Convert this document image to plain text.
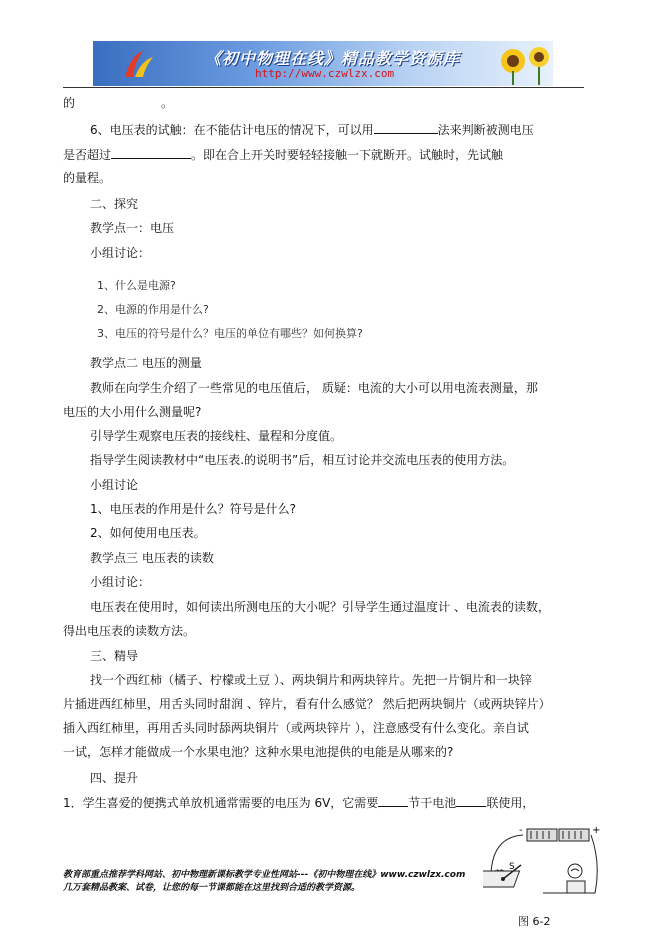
《初中物理在线》精品教学资源库
http://www.czwlzx.com
的	。
6、电压表的试触：在不能估计电压的情况下，可以用	法来判断被测电压
是否超过	。即在合上开关时要轻轻接触一下就断开。试触时，先试触
的量程。
二、探究
教学点一：电压
小组讨论：
1、什么是电源?
2、电源的作用是什么?
3、电压的符号是什么？电压的单位有哪些？如何换算?
教学点二 电压的测量
教师在向学生介绍了一些常见的电压值后， 质疑：电流的大小可以用电流表测量，那
电压的大小用什么测量呢?
引导学生观察电压表的接线柱、量程和分度值。
指导学生阅读教材中“电压表.的说明书”后，相互讨论并交流电压表的使用方法。
小组讨论
1、电压表的作用是什么？符号是什么?
2、如何使用电压表。
教学点三 电压表的读数
小组讨论：
电压表在使用时，如何读出所测电压的大小呢？引导学生通过温度计 、电流表的读数，
得出电压表的读数方法。
三、精导
找一个西红柿（橘子、柠檬或土豆 ）、两块铜片和两块锌片。先把一片铜片和一块锌
片插进西红柿里，用舌头同时甜润 、锌片，看有什么感觉？ 然后把两块铜片（或两块锌片）
插入西红柿里，再用舌头同时舔两块铜片（或两块锌片 ），注意感受有什么变化。亲自试
一试，怎样才能做成一个水果电池？这种水果电池提供的电能是从哪来的?
四、提升
1．学生喜爱的便携式单放机通常需要的电压为 6V，它需要	节干电池	联使用，
教育部重点推荐学科网站、初中物理新课标教学专业性网站---《初中物理在线》www.czwlzx.com
几万套精品教案、试卷，让您的每一节课都能在这里找到合适的教学资源。
-	+
S
图 6-2
